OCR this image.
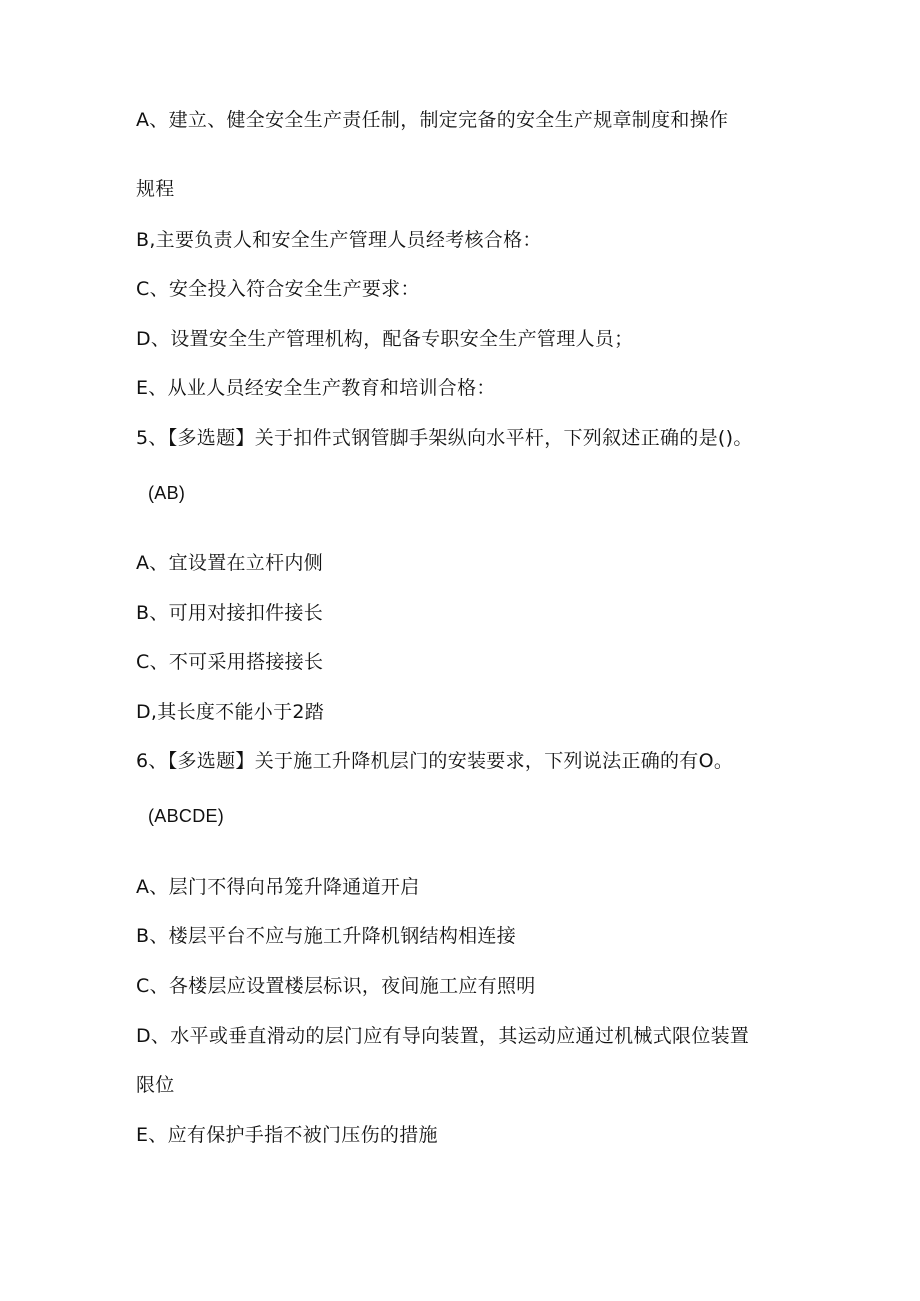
A、建立、健全安全生产责任制，制定完备的安全生产规章制度和操作
规程
B,主要负责人和安全生产管理人员经考核合格：
C、安全投入符合安全生产要求：
D、设置安全生产管理机构，配备专职安全生产管理人员；
E、从业人员经安全生产教育和培训合格：
5、【多选题】关于扣件式钢管脚手架纵向水平杆，下列叙述正确的是()。
(AB)
A、宜设置在立杆内侧
B、可用对接扣件接长
C、不可采用搭接接长
D,其长度不能小于2踏
6、【多选题】关于施工升降机层门的安装要求，下列说法正确的有O。
(ABCDE)
A、层门不得向吊笼升降通道开启
B、楼层平台不应与施工升降机钢结构相连接
C、各楼层应设置楼层标识，夜间施工应有照明
D、水平或垂直滑动的层门应有导向装置，其运动应通过机械式限位装置
限位
E、应有保护手指不被门压伤的措施
